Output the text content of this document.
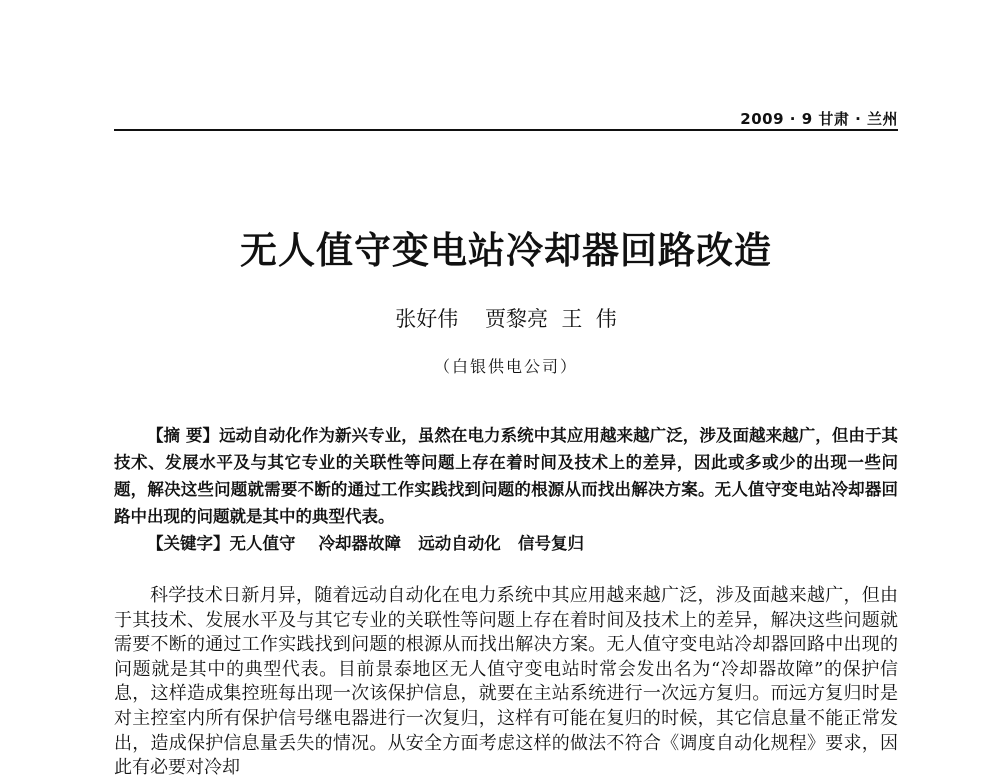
2009 · 9 甘肃 · 兰州
无人值守变电站冷却器回路改造
张好伟    贾黎亮  王  伟
（白银供电公司）

【摘 要】远动自动化作为新兴专业，虽然在电力系统中其应用越来越广泛，涉及面越来越广，但由于其技术、发展水平及与其它专业的关联性等问题上存在着时间及技术上的差异，因此或多或少的出现一些问题，解决这些问题就需要不断的通过工作实践找到问题的根源从而找出解决方案。无人值守变电站冷却器回路中出现的问题就是其中的典型代表。

【关键字】无人值守    冷却器故障   远动自动化   信号复归

科学技术日新月异，随着远动自动化在电力系统中其应用越来越广泛，涉及面越来越广，但由于其技术、发展水平及与其它专业的关联性等问题上存在着时间及技术上的差异，解决这些问题就需要不断的通过工作实践找到问题的根源从而找出解决方案。无人值守变电站冷却器回路中出现的问题就是其中的典型代表。目前景泰地区无人值守变电站时常会发出名为“冷却器故障”的保护信息，这样造成集控班每出现一次该保护信息，就要在主站系统进行一次远方复归。而远方复归时是对主控室内所有保护信号继电器进行一次复归，这样有可能在复归的时候，其它信息量不能正常发出，造成保护信息量丢失的情况。从安全方面考虑这样的做法不符合《调度自动化规程》要求，因此有必要对冷却
